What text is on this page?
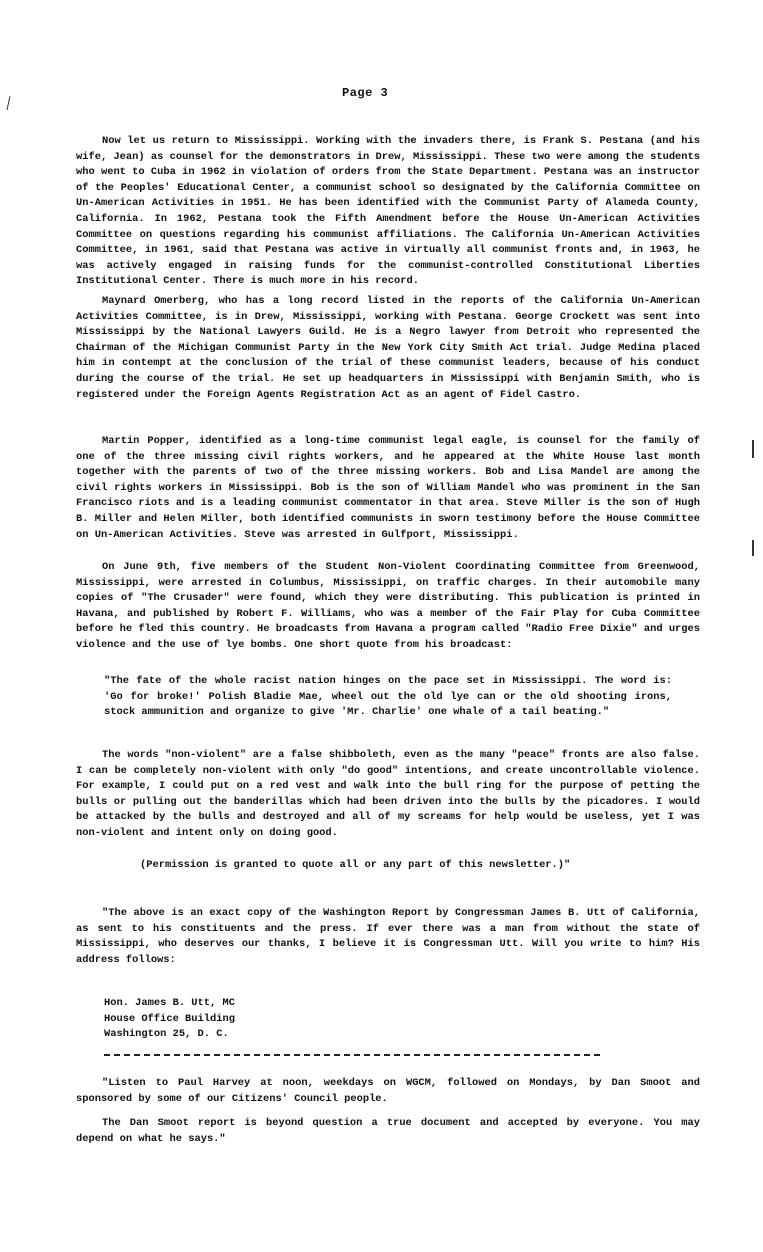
Page 3

Now let us return to Mississippi. Working with the invaders there, is Frank S. Pestana (and his wife, Jean) as counsel for the demonstrators in Drew, Mississippi. These two were among the students who went to Cuba in 1962 in violation of orders from the State Department. Pestana was an instructor of the Peoples' Educational Center, a communist school so designated by the California Committee on Un-American Activities in 1951. He has been identified with the Communist Party of Alameda County, California. In 1962, Pestana took the Fifth Amendment before the House Un-American Activities Committee on questions regarding his communist affiliations. The California Un-American Activities Committee, in 1961, said that Pestana was active in virtually all communist fronts and, in 1963, he was actively engaged in raising funds for the communist-controlled Constitutional Liberties Institutional Center. There is much more in his record.

Maynard Omerberg, who has a long record listed in the reports of the California Un-American Activities Committee, is in Drew, Mississippi, working with Pestana. George Crockett was sent into Mississippi by the National Lawyers Guild. He is a Negro lawyer from Detroit who represented the Chairman of the Michigan Communist Party in the New York City Smith Act trial. Judge Medina placed him in contempt at the conclusion of the trial of these communist leaders, because of his conduct during the course of the trial. He set up headquarters in Mississippi with Benjamin Smith, who is registered under the Foreign Agents Registration Act as an agent of Fidel Castro.

Martin Popper, identified as a long-time communist legal eagle, is counsel for the family of one of the three missing civil rights workers, and he appeared at the White House last month together with the parents of two of the three missing workers. Bob and Lisa Mandel are among the civil rights workers in Mississippi. Bob is the son of William Mandel who was prominent in the San Francisco riots and is a leading communist commentator in that area. Steve Miller is the son of Hugh B. Miller and Helen Miller, both identified communists in sworn testimony before the House Committee on Un-American Activities. Steve was arrested in Gulfport, Mississippi.

On June 9th, five members of the Student Non-Violent Coordinating Committee from Greenwood, Mississippi, were arrested in Columbus, Mississippi, on traffic charges. In their automobile many copies of "The Crusader" were found, which they were distributing. This publication is printed in Havana, and published by Robert F. Williams, who was a member of the Fair Play for Cuba Committee before he fled this country. He broadcasts from Havana a program called "Radio Free Dixie" and urges violence and the use of lye bombs. One short quote from his broadcast:

"The fate of the whole racist nation hinges on the pace set in Mississippi. The word is: 'Go for broke!' Polish Bladie Mae, wheel out the old lye can or the old shooting irons, stock ammunition and organize to give 'Mr. Charlie' one whale of a tail beating."

The words "non-violent" are a false shibboleth, even as the many "peace" fronts are also false. I can be completely non-violent with only "do good" intentions, and create uncontrollable violence. For example, I could put on a red vest and walk into the bull ring for the purpose of petting the bulls or pulling out the banderillas which had been driven into the bulls by the picadores. I would be attacked by the bulls and destroyed and all of my screams for help would be useless, yet I was non-violent and intent only on doing good.

(Permission is granted to quote all or any part of this newsletter.)"

"The above is an exact copy of the Washington Report by Congressman James B. Utt of California, as sent to his constituents and the press. If ever there was a man from without the state of Mississippi, who deserves our thanks, I believe it is Congressman Utt. Will you write to him? His address follows:

Hon. James B. Utt, MC
House Office Building
Washington 25, D. C.

"Listen to Paul Harvey at noon, weekdays on WGCM, followed on Mondays, by Dan Smoot and sponsored by some of our Citizens' Council people.

The Dan Smoot report is beyond question a true document and accepted by everyone. You may depend on what he says."
